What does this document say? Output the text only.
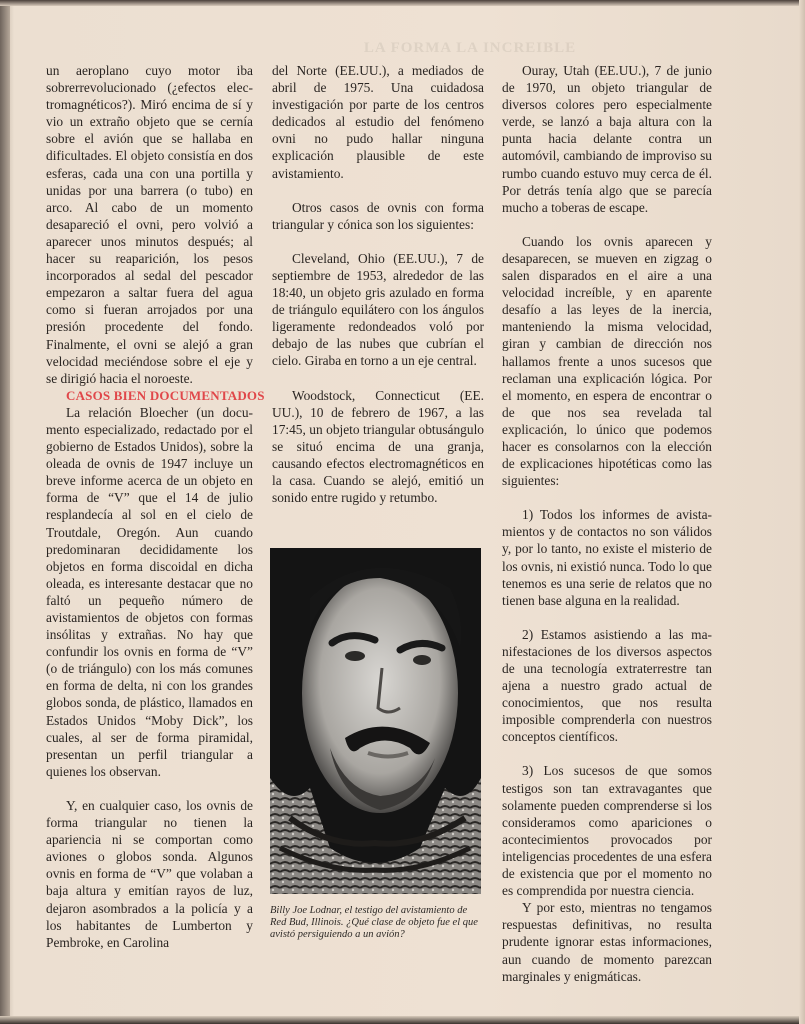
LA FORMA LA INCREIBLE

un aeroplano cuyo motor iba sobrerrevolucionado (¿efectos electromagnéticos?). Miró encima de sí y vio un extraño objeto que se cernía sobre el avión que se hallaba en dificultades. El objeto consistía en dos esferas, cada una con una portilla y unidas por una barrera (o tubo) en arco. Al cabo de un momento desapareció el ovni, pero volvió a aparecer unos minutos después; al hacer su reaparición, los pesos incorporados al sedal del pescador empezaron a saltar fuera del agua como si fueran arrojados por una presión procedente del fondo. Finalmente, el ovni se alejó a gran velocidad meciéndose sobre el eje y se dirigió hacia el noroeste.

CASOS BIEN DOCUMENTADOS

La relación Bloecher (un documento especializado, redactado por el gobierno de Estados Unidos), sobre la oleada de ovnis de 1947 incluye un breve informe acerca de un objeto en forma de “V” que el 14 de julio resplandecía al sol en el cielo de Troutdale, Oregón. Aun cuando predominaran decididamente los objetos en forma discoidal en dicha oleada, es interesante destacar que no faltó un pequeño número de avistamientos de objetos con formas insólitas y extrañas. No hay que confundir los ovnis en forma de “V” (o de triángulo) con los más comunes en forma de delta, ni con los grandes globos sonda, de plástico, llamados en Estados Unidos “Moby Dick”, los cuales, al ser de forma piramidal, presentan un perfil triangular a quienes los observan.

Y, en cualquier caso, los ovnis de forma triangular no tienen la apariencia ni se comportan como aviones o globos sonda. Algunos ovnis en forma de “V” que volaban a baja altura y emitían rayos de luz, dejaron asombrados a la policía y a los habitantes de Lumberton y Pembroke, en Carolina

del Norte (EE.UU.), a mediados de abril de 1975. Una cuidadosa investigación por parte de los centros dedicados al estudio del fenómeno ovni no pudo hallar ninguna explicación plausible de este avistamiento.

Otros casos de ovnis con forma triangular y cónica son los siguientes:

Cleveland, Ohio (EE.UU.), 7 de septiembre de 1953, alrededor de las 18:40, un objeto gris azulado en forma de triángulo equilátero con los ángulos ligeramente redondeados voló por debajo de las nubes que cubrían el cielo. Giraba en torno a un eje central.

Woodstock, Connecticut (EE. UU.), 10 de febrero de 1967, a las 17:45, un objeto triangular obtusángulo se situó encima de una granja, causando efectos electromagnéticos en la casa. Cuando se alejó, emitió un sonido entre rugido y retumbo.

Billy Joe Lodnar, el testigo del avistamiento de Red Bud, Illinois. ¿Qué clase de objeto fue el que avistó persiguiendo a un avión?

Ouray, Utah (EE.UU.), 7 de junio de 1970, un objeto triangular de diversos colores pero especialmente verde, se lanzó a baja altura con la punta hacia delante contra un automóvil, cambiando de improviso su rumbo cuando estuvo muy cerca de él. Por detrás tenía algo que se parecía mucho a toberas de escape.

Cuando los ovnis aparecen y desaparecen, se mueven en zigzag o salen disparados en el aire a una velocidad increíble, y en aparente desafío a las leyes de la inercia, manteniendo la misma velocidad, giran y cambian de dirección nos hallamos frente a unos sucesos que reclaman una explicación lógica. Por el momento, en espera de encontrar o de que nos sea revelada tal explicación, lo único que podemos hacer es consolarnos con la elección de explicaciones hipotéticas como las siguientes:

1) Todos los informes de avistamientos y de contactos no son válidos y, por lo tanto, no existe el misterio de los ovnis, ni existió nunca. Todo lo que tenemos es una serie de relatos que no tienen base alguna en la realidad.

2) Estamos asistiendo a las manifestaciones de los diversos aspectos de una tecnología extraterrestre tan ajena a nuestro grado actual de conocimientos, que nos resulta imposible comprenderla con nuestros conceptos científicos.

3) Los sucesos de que somos testigos son tan extravagantes que solamente pueden comprenderse si los consideramos como apariciones o acontecimientos provocados por inteligencias procedentes de una esfera de existencia que por el momento no es comprendida por nuestra ciencia.

Y por esto, mientras no tengamos respuestas definitivas, no resulta prudente ignorar estas informaciones, aun cuando de momento parezcan marginales y enigmáticas.
